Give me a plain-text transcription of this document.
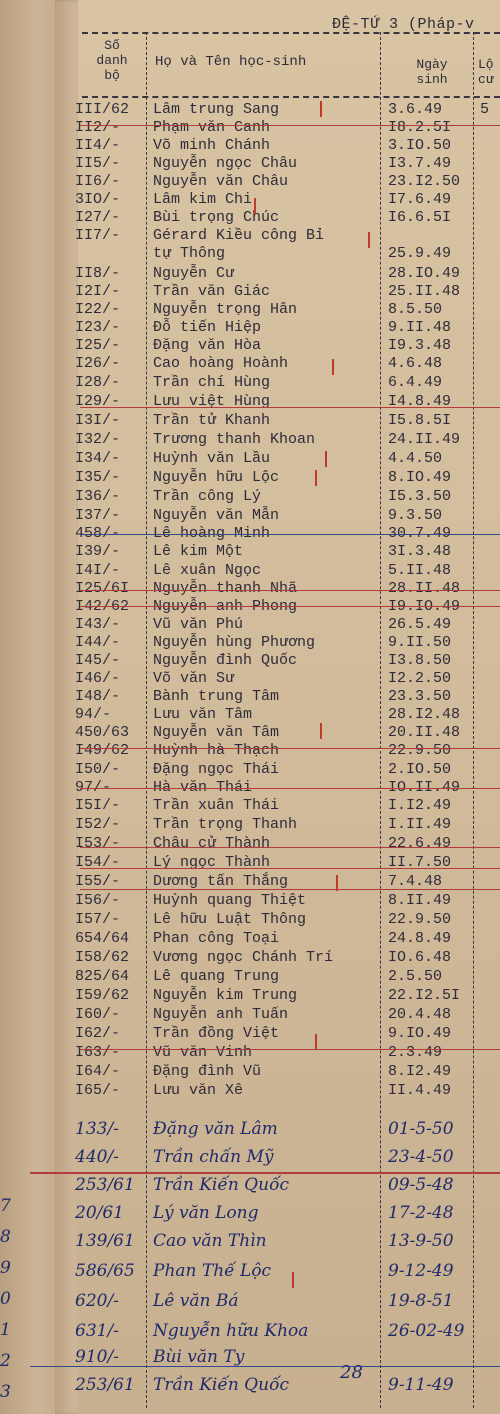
ĐỆ-TỨ 3 (Pháp-v
Số
danh
bộ
Họ và Tên học-sinh	Ngày
sinh
Lộ
cư
III/62	Lâm trung Sang	3.6.49	5
II2/-	Phạm văn Canh	I8.2.5I
II4/-	Võ minh Chánh	3.IO.50
II5/-	Nguyễn ngọc Châu	I3.7.49
II6/-	Nguyễn văn Châu	23.I2.50
3IO/-	Lâm kim Chi	I7.6.49
I27/-	Bùi trọng Chúc	I6.6.5I
II7/-	Gérard Kiều công Bỉ
tự Thông	25.9.49
II8/-	Nguyễn Cư	28.IO.49
I2I/-	Trần văn Giác	25.II.48
I22/-	Nguyễn trọng Hân	8.5.50
I23/-	Đỗ tiến Hiệp	9.II.48
I25/-	Đặng văn Hòa	I9.3.48
I26/-	Cao hoàng Hoành	4.6.48
I28/-	Trần chí Hùng	6.4.49
I29/-	Lưu việt Hùng	I4.8.49
I3I/-	Trần tử Khanh	I5.8.5I
I32/-	Trương thanh Khoan	24.II.49
I34/-	Huỳnh văn Lầu	4.4.50
I35/-	Nguyễn hữu Lộc	8.IO.49
I36/-	Trần công Lý	I5.3.50
I37/-	Nguyễn văn Mẫn	9.3.50
458/-	Lê hoàng Minh	30.7.49
I39/-	Lê kim Một	3I.3.48
I4I/-	Lê xuân Ngọc	5.II.48
I25/6I	Nguyễn thanh Nhã	28.II.48
I42/62	Nguyễn anh Phong	I9.IO.49
I43/-	Vũ văn Phú	26.5.49
I44/-	Nguyễn hùng Phương	9.II.50
I45/-	Nguyễn đình Quốc	I3.8.50
I46/-	Võ văn Sư	I2.2.50
I48/-	Bành trung Tâm	23.3.50
94/-	Lưu văn Tâm	28.I2.48
450/63	Nguyễn văn Tâm	20.II.48
I49/62	Huỳnh hà Thạch	22.9.50
I50/-	Đặng ngọc Thái	2.IO.50
97/-	Hà văn Thái	IO.II.49
I5I/-	Trần xuân Thái	I.I2.49
I52/-	Trần trọng Thanh	I.II.49
I53/-	Châu cử Thành	22.6.49
I54/-	Lý ngọc Thành	II.7.50
I55/-	Dương tấn Thắng	7.4.48
I56/-	Huỳnh quang Thiệt	8.II.49
I57/-	Lê hữu Luật Thông	22.9.50
654/64	Phan công Toại	24.8.49
I58/62	Vương ngọc Chánh Trí	IO.6.48
825/64	Lê quang Trung	2.5.50
I59/62	Nguyễn kim Trung	22.I2.5I
I60/-	Nguyễn anh Tuấn	20.4.48
I62/-	Trần đồng Việt	9.IO.49
I63/-	Vũ văn Vinh	2.3.49
I64/-	Đặng đình Vũ	8.I2.49
I65/-	Lưu văn Xê	II.4.49
133/-	Đặng văn Lâm	01-5-50
440/-	Trần chấn Mỹ	23-4-50
253/61	Trần Kiến Quốc	09-5-48
20/61	Lý văn Long	17-2-48
139/61	Cao văn Thìn	13-9-50
586/65	Phan Thế Lộc	9-12-49
620/-	Lê văn Bá	19-8-51
631/-	Nguyễn hữu Khoa	26-02-49
910/-	Bùi văn Ty
253/61	Trần Kiến Quốc	9-11-49
7
8
9
0
1
2
3
28
